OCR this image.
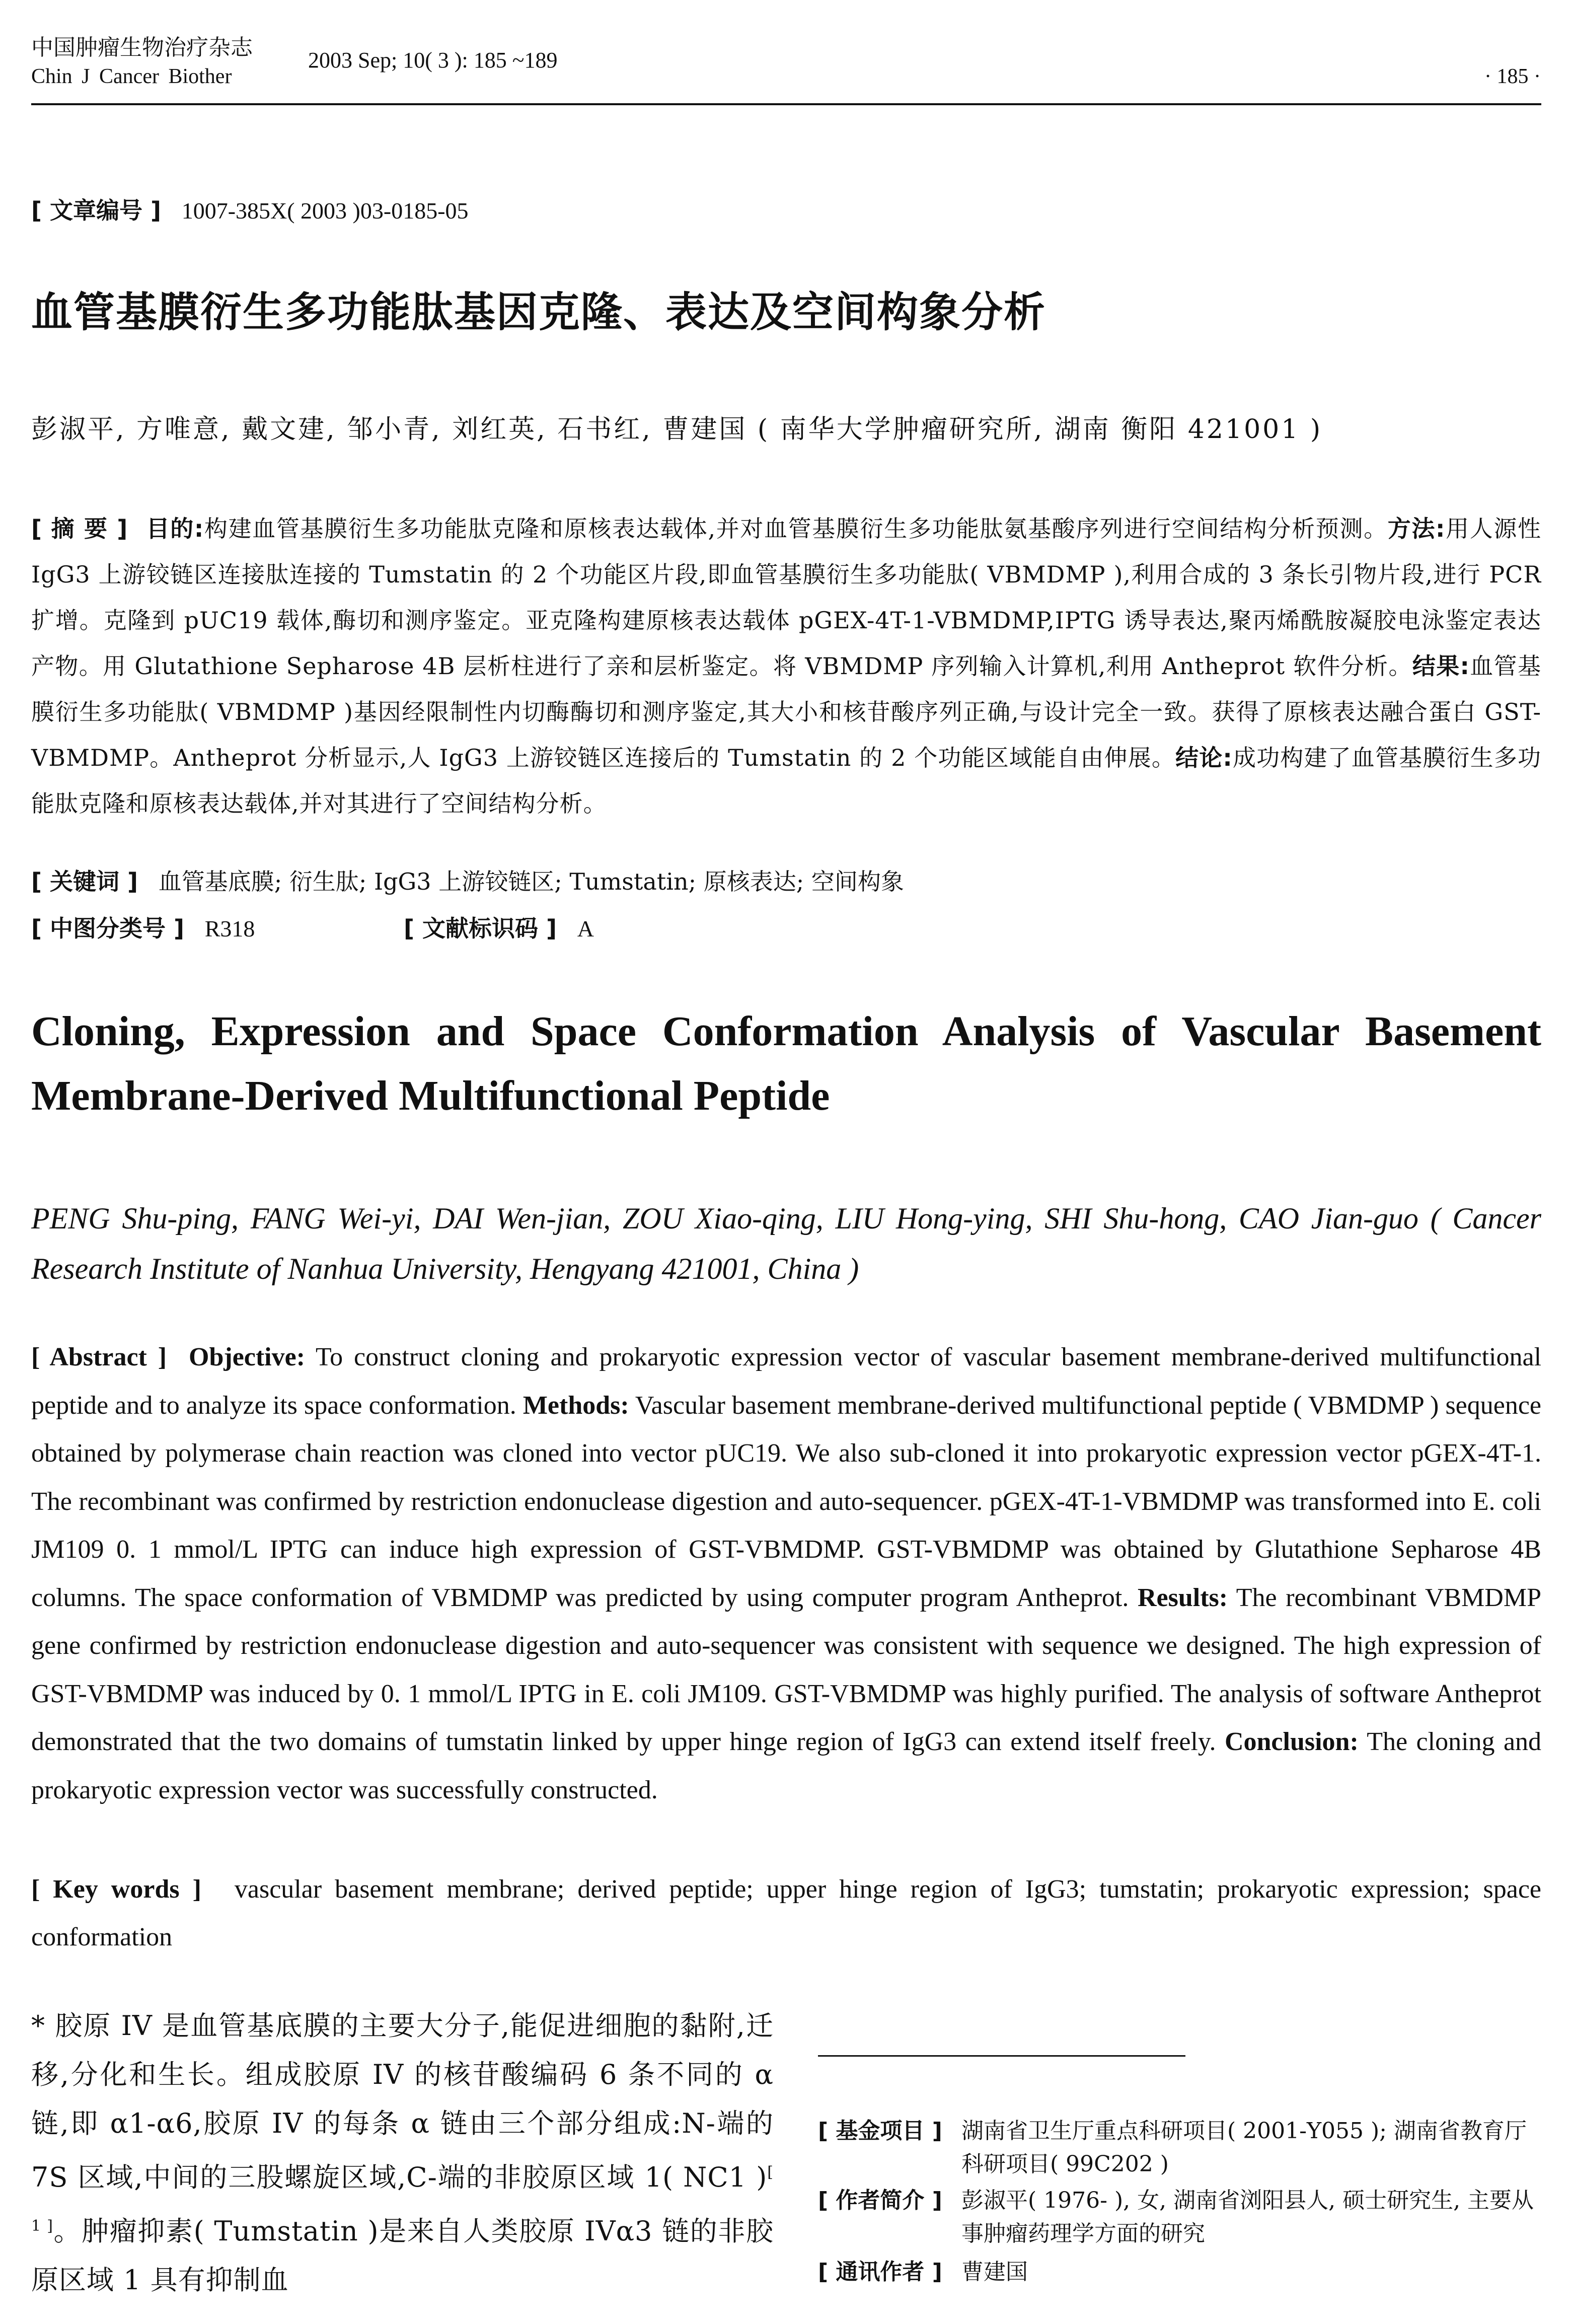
中国肿瘤生物治疗杂志
Chin J Cancer Biother
2003 Sep; 10( 3 ): 185 ~189
· 185 ·
[ 文章编号 ] 1007-385X( 2003 )03-0185-05
血管基膜衍生多功能肽基因克隆、表达及空间构象分析
彭淑平, 方唯意, 戴文建, 邹小青, 刘红英, 石书红, 曹建国 ( 南华大学肿瘤研究所, 湖南 衡阳 421001 )

[ 摘 要 ] 目的:构建血管基膜衍生多功能肽克隆和原核表达载体,并对血管基膜衍生多功能肽氨基酸序列进行空间结构分析预测。方法:用人源性 IgG3 上游铰链区连接肽连接的 Tumstatin 的 2 个功能区片段,即血管基膜衍生多功能肽( VBMDMP ),利用合成的 3 条长引物片段,进行 PCR 扩增。克隆到 pUC19 载体,酶切和测序鉴定。亚克隆构建原核表达载体 pGEX-4T-1-VBMDMP,IPTG 诱导表达,聚丙烯酰胺凝胶电泳鉴定表达产物。用 Glutathione Sepharose 4B 层析柱进行了亲和层析鉴定。将 VBMDMP 序列输入计算机,利用 Antheprot 软件分析。结果:血管基膜衍生多功能肽( VBMDMP )基因经限制性内切酶酶切和测序鉴定,其大小和核苷酸序列正确,与设计完全一致。获得了原核表达融合蛋白 GST-VBMDMP。Antheprot 分析显示,人 IgG3 上游铰链区连接后的 Tumstatin 的 2 个功能区域能自由伸展。结论:成功构建了血管基膜衍生多功能肽克隆和原核表达载体,并对其进行了空间结构分析。

[ 关键词 ] 血管基底膜; 衍生肽; IgG3 上游铰链区; Tumstatin; 原核表达; 空间构象
[ 中图分类号 ] R318	[ 文献标识码 ] A
Cloning, Expression and Space Conformation Analysis of Vascular Basement Membrane-Derived Multifunctional Peptide
PENG Shu-ping, FANG Wei-yi, DAI Wen-jian, ZOU Xiao-qing, LIU Hong-ying, SHI Shu-hong, CAO Jian-guo ( Cancer Research Institute of Nanhua University, Hengyang 421001, China )

[ Abstract ] Objective: To construct cloning and prokaryotic expression vector of vascular basement membrane-derived multifunctional peptide and to analyze its space conformation. Methods: Vascular basement membrane-derived multifunctional peptide ( VBMDMP ) sequence obtained by polymerase chain reaction was cloned into vector pUC19. We also sub-cloned it into prokaryotic expression vector pGEX-4T-1. The recombinant was confirmed by restriction endonuclease digestion and auto-sequencer. pGEX-4T-1-VBMDMP was transformed into E. coli JM109 0. 1 mmol/L IPTG can induce high expression of GST-VBMDMP. GST-VBMDMP was obtained by Glutathione Sepharose 4B columns. The space conformation of VBMDMP was predicted by using computer program Antheprot. Results: The recombinant VBMDMP gene confirmed by restriction endonuclease digestion and auto-sequencer was consistent with sequence we designed. The high expression of GST-VBMDMP was induced by 0. 1 mmol/L IPTG in E. coli JM109. GST-VBMDMP was highly purified. The analysis of software Antheprot demonstrated that the two domains of tumstatin linked by upper hinge region of IgG3 can extend itself freely. Conclusion: The cloning and prokaryotic expression vector was successfully constructed.

[ Key words ] vascular basement membrane; derived peptide; upper hinge region of IgG3; tumstatin; prokaryotic expression; space conformation

* 胶原 IV 是血管基底膜的主要大分子,能促进细胞的黏附,迁移,分化和生长。组成胶原 IV 的核苷酸编码 6 条不同的 α 链,即 α1-α6,胶原 IV 的每条 α 链由三个部分组成:N-端的 7S 区域,中间的三股螺旋区域,C-端的非胶原区域 1( NC1 )[ 1 ]。肿瘤抑素( Tumstatin )是来自人类胶原 IVα3 链的非胶原区域 1 具有抑制血

[ 基金项目 ] 湖南省卫生厅重点科研项目( 2001-Y055 ); 湖南省教育厅科研项目( 99C202 )
[ 作者简介 ] 彭淑平( 1976- ), 女, 湖南省浏阳县人, 硕士研究生, 主要从事肿瘤药理学方面的研究
[ 通讯作者 ] 曹建国
